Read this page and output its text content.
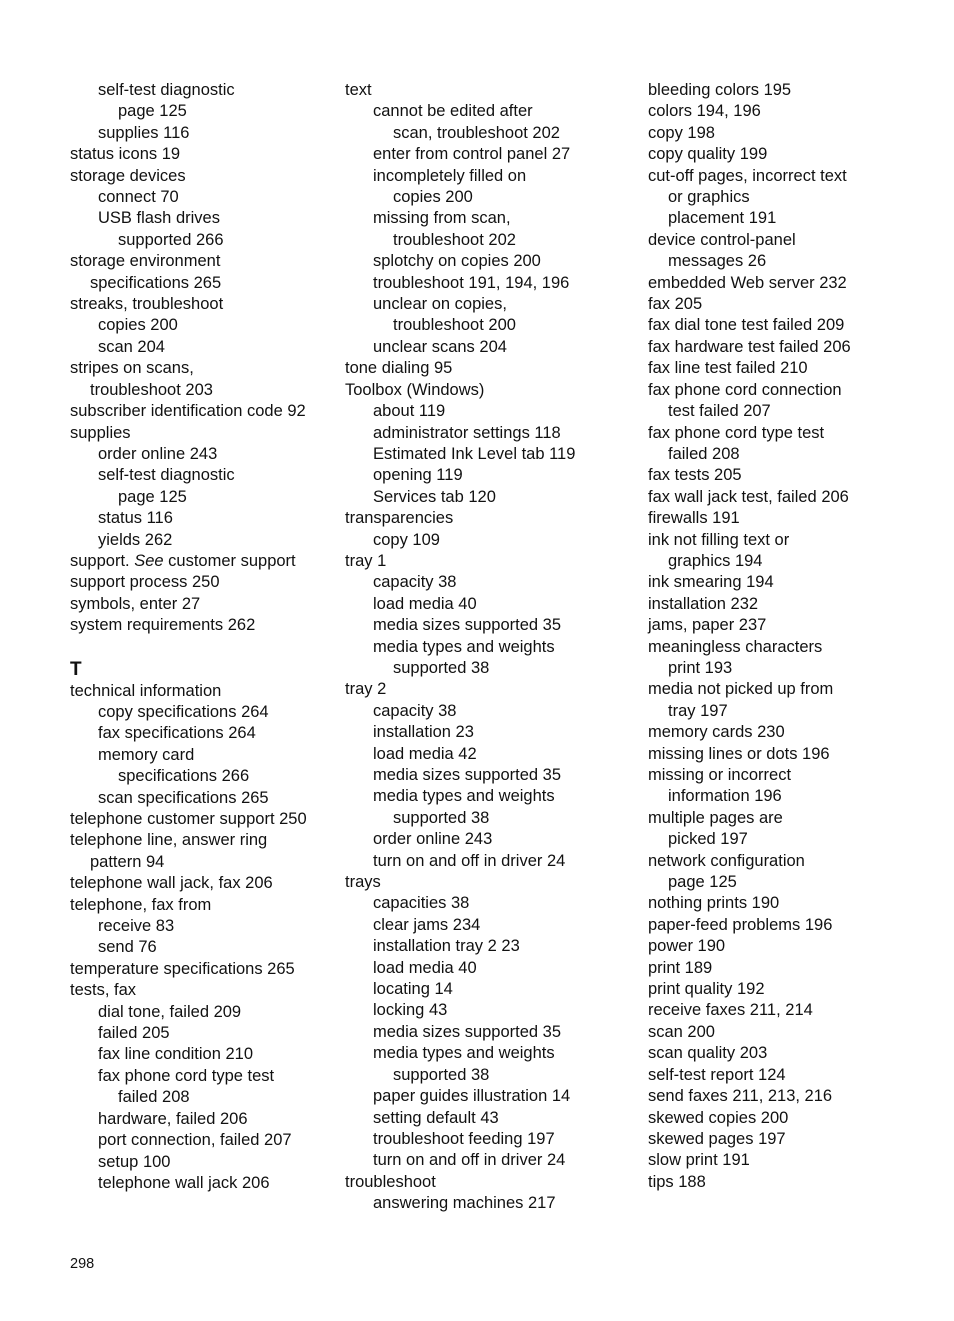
self-test diagnostic
page 125
supplies 116
status icons 19
storage devices
connect 70
USB flash drives
supported 266
storage environment
specifications 265
streaks, troubleshoot
copies 200
scan 204
stripes on scans,
troubleshoot 203
subscriber identification code 92
supplies
order online 243
self-test diagnostic
page 125
status 116
yields 262
support. See customer support
support process 250
symbols, enter 27
system requirements 262
T
technical information
copy specifications 264
fax specifications 264
memory card
specifications 266
scan specifications 265
telephone customer support 250
telephone line, answer ring
pattern 94
telephone wall jack, fax 206
telephone, fax from
receive 83
send 76
temperature specifications 265
tests, fax
dial tone, failed 209
failed 205
fax line condition 210
fax phone cord type test
failed 208
hardware, failed 206
port connection, failed 207
setup 100
telephone wall jack 206
text
cannot be edited after
scan, troubleshoot 202
enter from control panel 27
incompletely filled on
copies 200
missing from scan,
troubleshoot 202
splotchy on copies 200
troubleshoot 191, 194, 196
unclear on copies,
troubleshoot 200
unclear scans 204
tone dialing 95
Toolbox (Windows)
about 119
administrator settings 118
Estimated Ink Level tab 119
opening 119
Services tab 120
transparencies
copy 109
tray 1
capacity 38
load media 40
media sizes supported 35
media types and weights
supported 38
tray 2
capacity 38
installation 23
load media 42
media sizes supported 35
media types and weights
supported 38
order online 243
turn on and off in driver 24
trays
capacities 38
clear jams 234
installation tray 2 23
load media 40
locating 14
locking 43
media sizes supported 35
media types and weights
supported 38
paper guides illustration 14
setting default 43
troubleshoot feeding 197
turn on and off in driver 24
troubleshoot
answering machines 217
bleeding colors 195
colors 194, 196
copy 198
copy quality 199
cut-off pages, incorrect text
or graphics
placement 191
device control-panel
messages 26
embedded Web server 232
fax 205
fax dial tone test failed 209
fax hardware test failed 206
fax line test failed 210
fax phone cord connection
test failed 207
fax phone cord type test
failed 208
fax tests 205
fax wall jack test, failed 206
firewalls 191
ink not filling text or
graphics 194
ink smearing 194
installation 232
jams, paper 237
meaningless characters
print 193
media not picked up from
tray 197
memory cards 230
missing lines or dots 196
missing or incorrect
information 196
multiple pages are
picked 197
network configuration
page 125
nothing prints 190
paper-feed problems 196
power 190
print 189
print quality 192
receive faxes 211, 214
scan 200
scan quality 203
self-test report 124
send faxes 211, 213, 216
skewed copies 200
skewed pages 197
slow print 191
tips 188
298
